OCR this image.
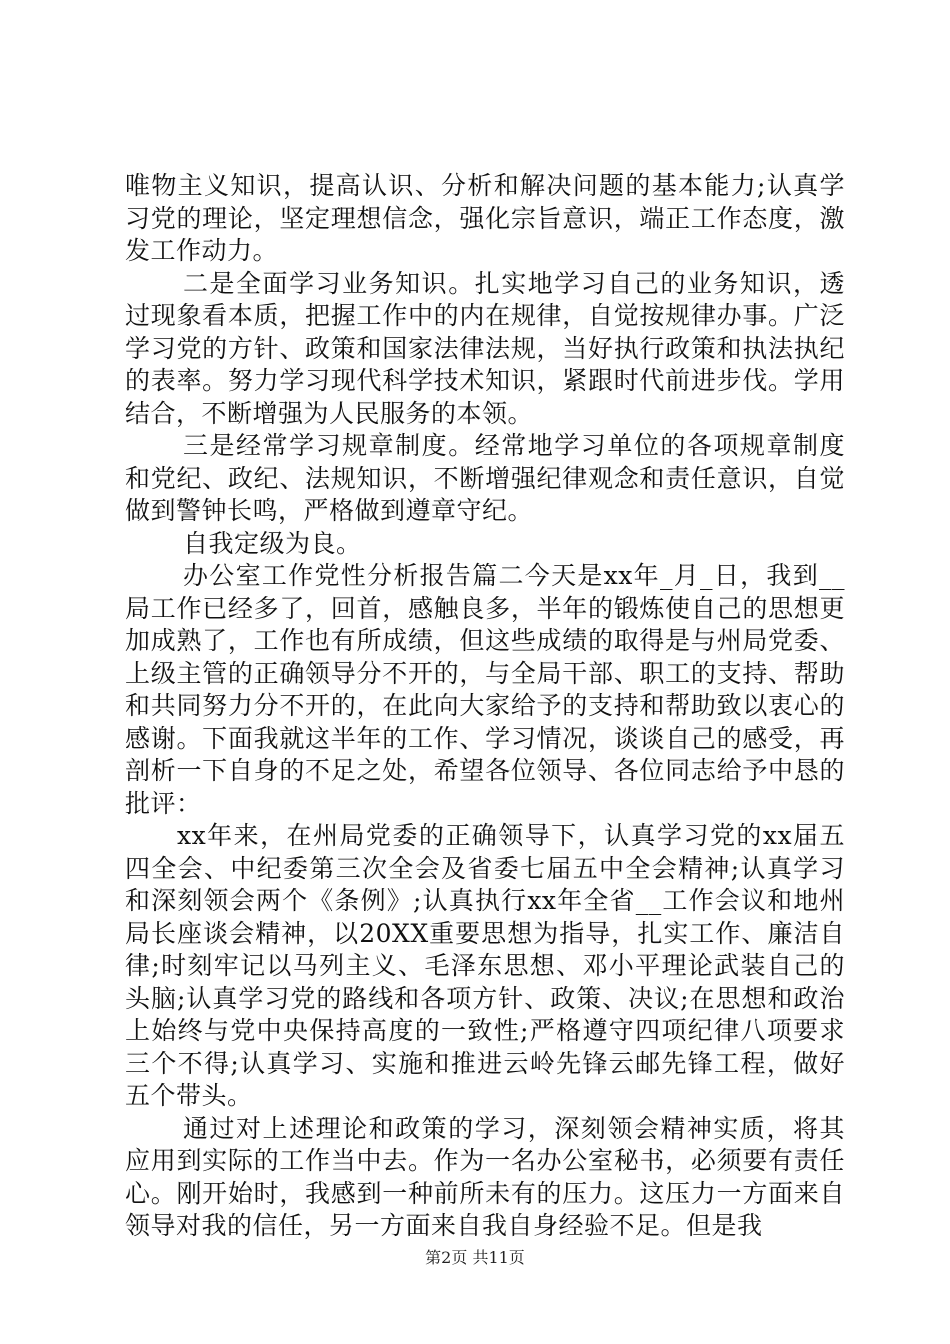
唯物主义知识，提高认识、分析和解决问题的基本能力;认真学习党的理论，坚定理想信念，强化宗旨意识，端正工作态度，激发工作动力。

二是全面学习业务知识。扎实地学习自己的业务知识，透过现象看本质，把握工作中的内在规律，自觉按规律办事。广泛学习党的方针、政策和国家法律法规，当好执行政策和执法执纪的表率。努力学习现代科学技术知识，紧跟时代前进步伐。学用结合，不断增强为人民服务的本领。

三是经常学习规章制度。经常地学习单位的各项规章制度和党纪、政纪、法规知识，不断增强纪律观念和责任意识，自觉做到警钟长鸣，严格做到遵章守纪。

自我定级为良。

办公室工作党性分析报告篇二今天是xx年_月_日，我到__局工作已经多了，回首，感触良多，半年的锻炼使自己的思想更加成熟了，工作也有所成绩，但这些成绩的取得是与州局党委、上级主管的正确领导分不开的，与全局干部、职工的支持、帮助和共同努力分不开的，在此向大家给予的支持和帮助致以衷心的感谢。下面我就这半年的工作、学习情况，谈谈自己的感受，再剖析一下自身的不足之处，希望各位领导、各位同志给予中恳的批评：

xx年来，在州局党委的正确领导下，认真学习党的xx届五四全会、中纪委第三次全会及省委七届五中全会精神;认真学习和深刻领会两个《条例》;认真执行xx年全省__工作会议和地州局长座谈会精神，以20XX重要思想为指导，扎实工作、廉洁自律;时刻牢记以马列主义、毛泽东思想、邓小平理论武装自己的头脑;认真学习党的路线和各项方针、政策、决议;在思想和政治上始终与党中央保持高度的一致性;严格遵守四项纪律八项要求三个不得;认真学习、实施和推进云岭先锋云邮先锋工程，做好五个带头。

通过对上述理论和政策的学习，深刻领会精神实质，将其应用到实际的工作当中去。作为一名办公室秘书，必须要有责任心。刚开始时，我感到一种前所未有的压力。这压力一方面来自领导对我的信任，另一方面来自我自身经验不足。但是我

第2页 共11页
